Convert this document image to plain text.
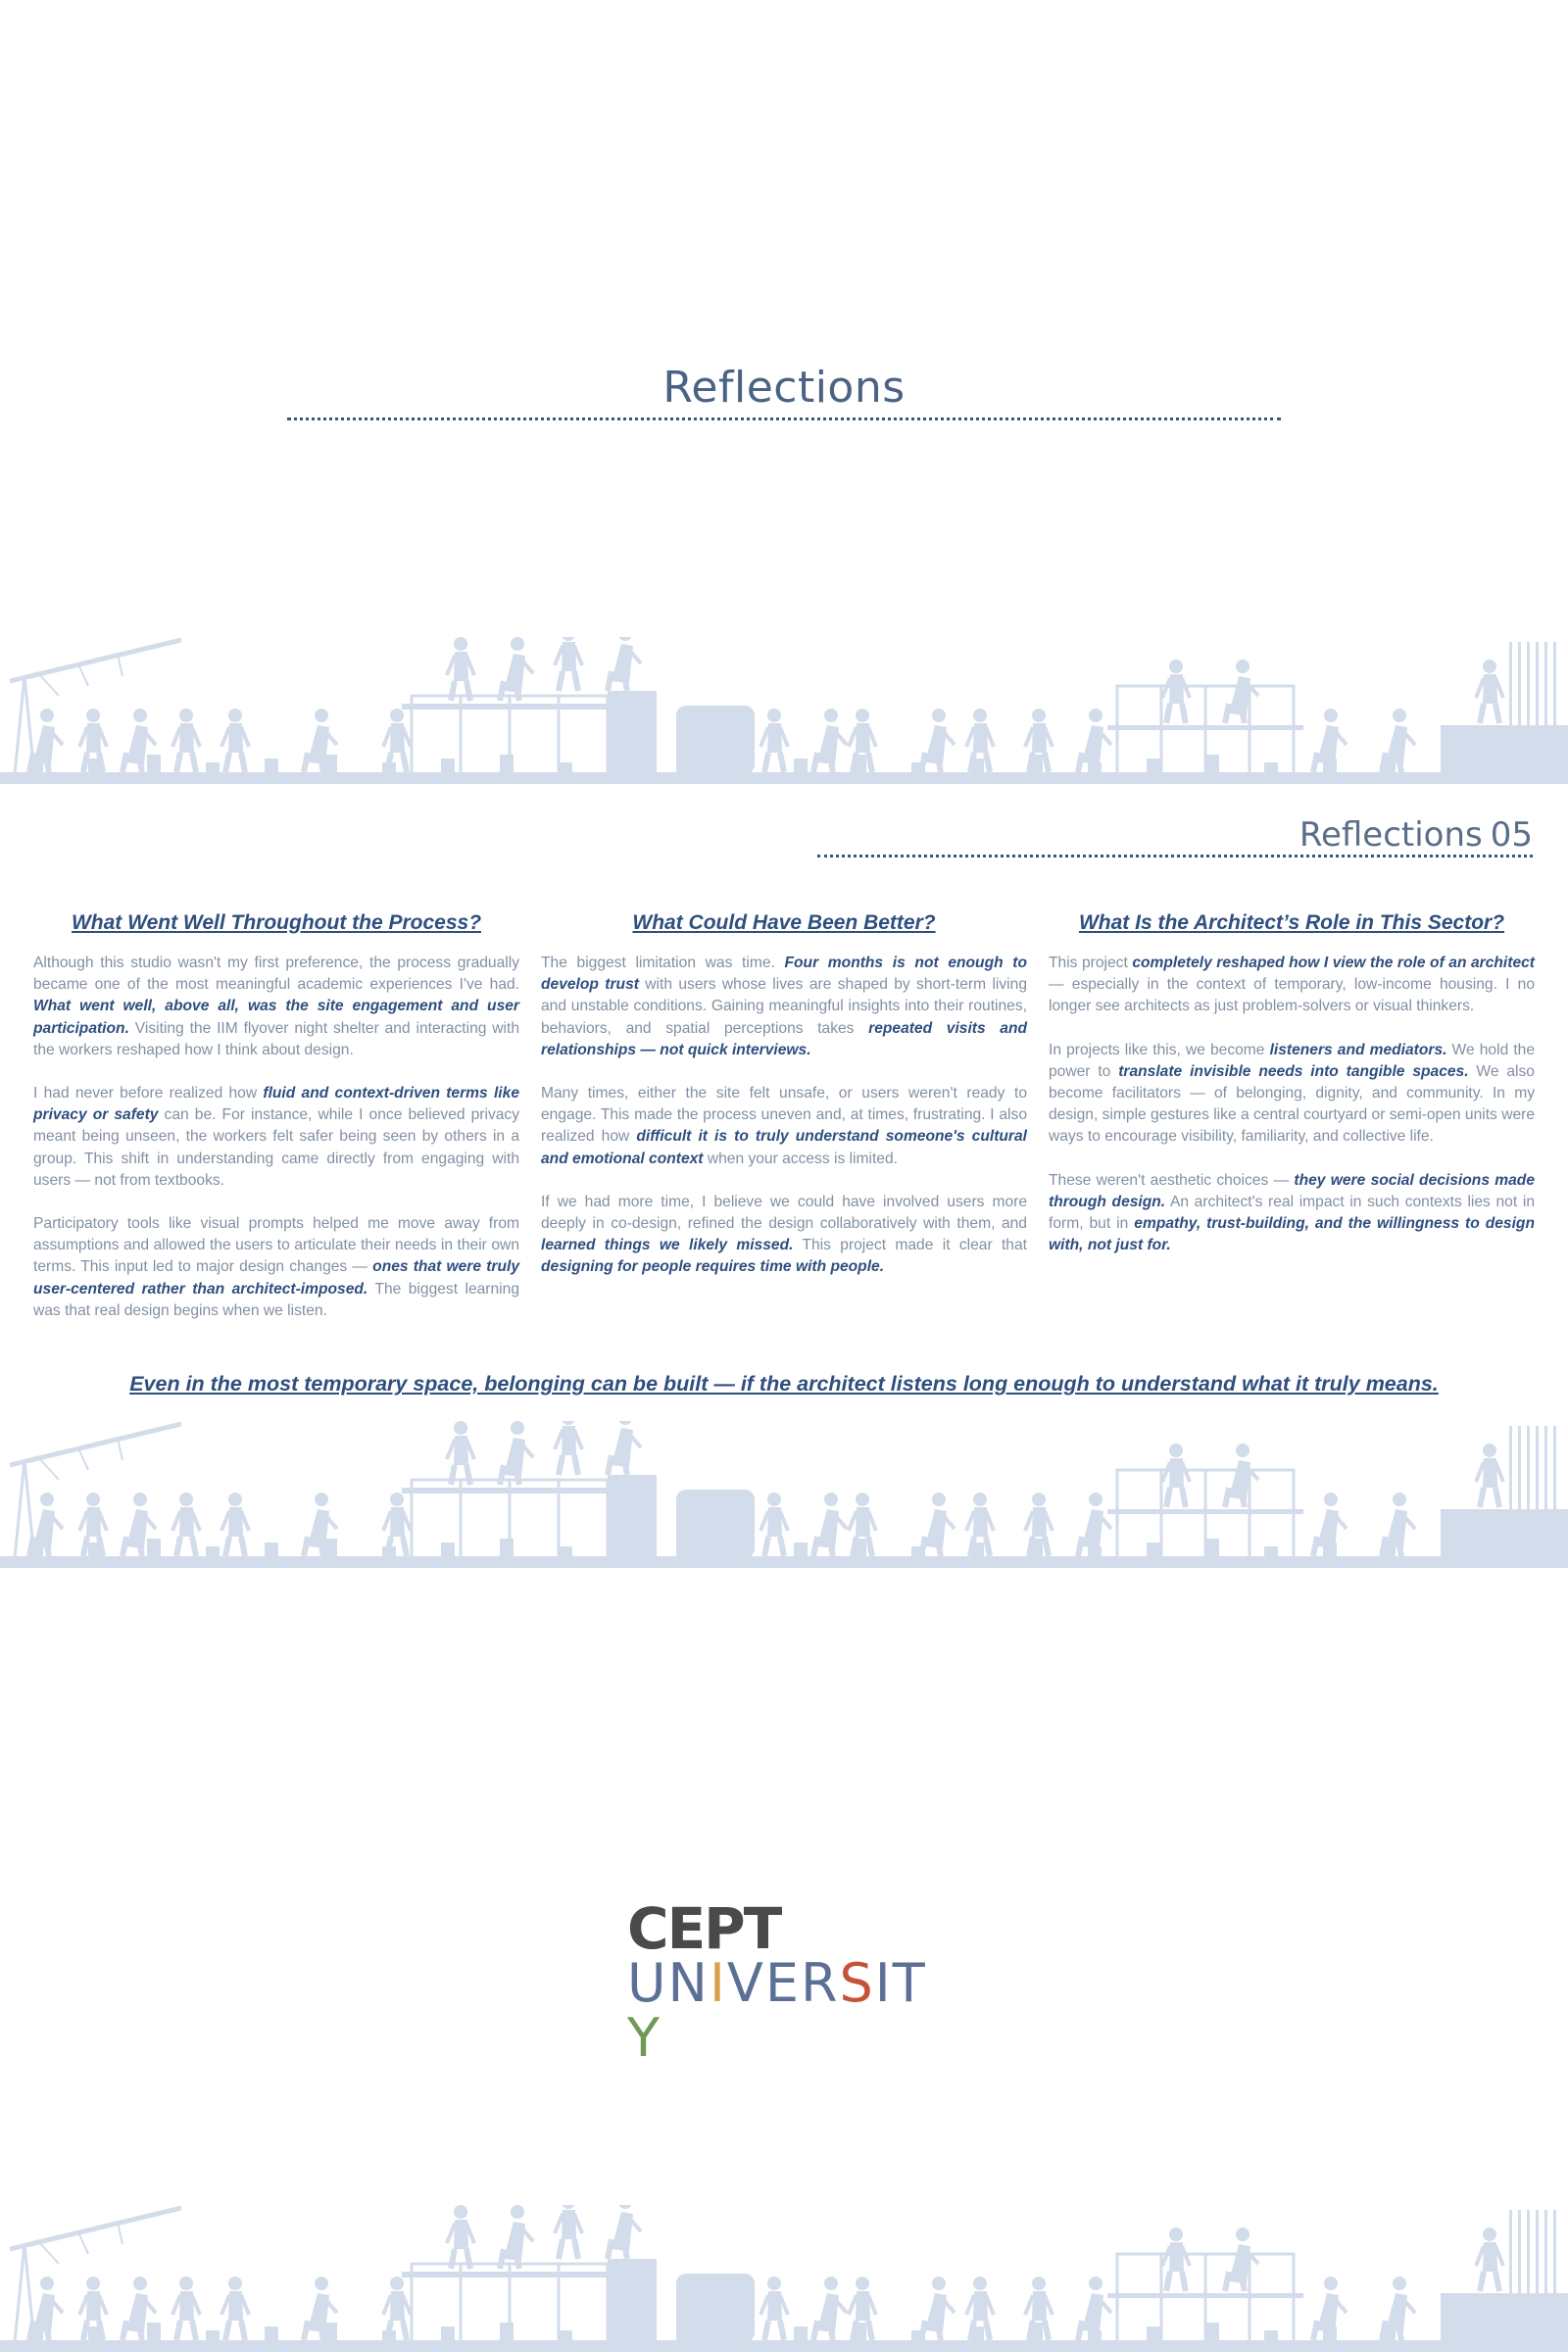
Reflections
Reflections 05
What Went Well Throughout the Process?

Although this studio wasn't my first preference, the process gradually became one of the most meaningful academic experiences I've had. What went well, above all, was the site engagement and user participation. Visiting the IIM flyover night shelter and interacting with the workers reshaped how I think about design.

I had never before realized how fluid and context-driven terms like privacy or safety can be. For instance, while I once believed privacy meant being unseen, the workers felt safer being seen by others in a group. This shift in understanding came directly from engaging with users — not from textbooks.

Participatory tools like visual prompts helped me move away from assumptions and allowed the users to articulate their needs in their own terms. This input led to major design changes — ones that were truly user-centered rather than architect-imposed. The biggest learning was that real design begins when we listen.

What Could Have Been Better?

The biggest limitation was time. Four months is not enough to develop trust with users whose lives are shaped by short-term living and unstable conditions. Gaining meaningful insights into their routines, behaviors, and spatial perceptions takes repeated visits and relationships — not quick interviews.

Many times, either the site felt unsafe, or users weren't ready to engage. This made the process uneven and, at times, frustrating. I also realized how difficult it is to truly understand someone's cultural and emotional context when your access is limited.

If we had more time, I believe we could have involved users more deeply in co-design, refined the design collaboratively with them, and learned things we likely missed. This project made it clear that designing for people requires time with people.

What Is the Architect’s Role in This Sector?

This project completely reshaped how I view the role of an architect — especially in the context of temporary, low-income housing. I no longer see architects as just problem-solvers or visual thinkers.

In projects like this, we become listeners and mediators. We hold the power to translate invisible needs into tangible spaces. We also become facilitators — of belonging, dignity, and community. In my design, simple gestures like a central courtyard or semi-open units were ways to encourage visibility, familiarity, and collective life.

These weren't aesthetic choices — they were social decisions made through design. An architect's real impact in such contexts lies not in form, but in empathy, trust-building, and the willingness to design with, not just for.

Even in the most temporary space, belonging can be built — if the architect listens long enough to understand what it truly means.
CEPT
UNIVERSITY
